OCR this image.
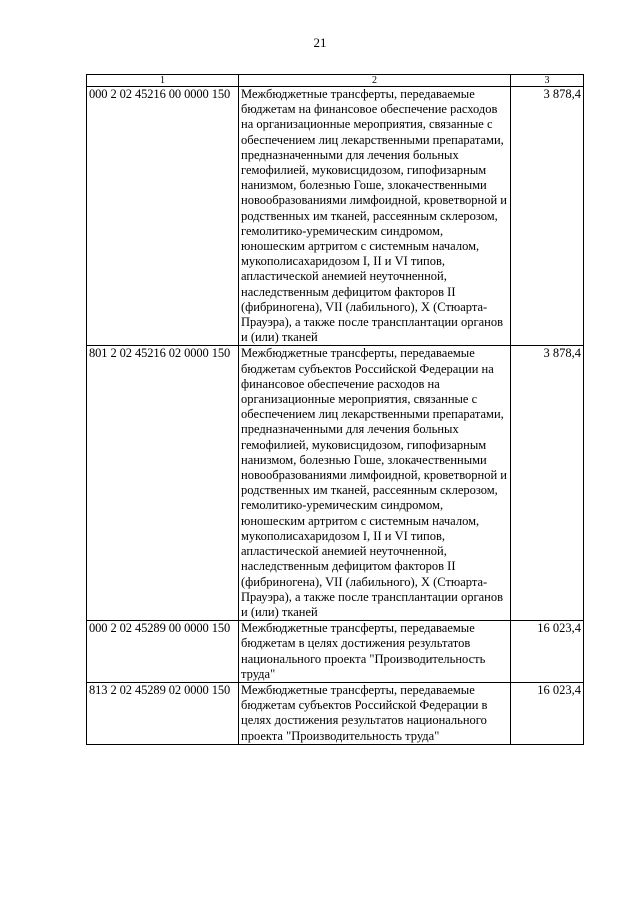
21
1	2	3
000 2 02 45216 00 0000 150	Межбюджетные трансферты, передаваемые бюджетам на финансовое обеспечение расходов на организационные мероприятия, связанные с обеспечением лиц лекарственными препаратами, предназначенными для лечения больных гемофилией, муковисцидозом, гипофизарным нанизмом, болезнью Гоше, злокачественными новообразованиями лимфоидной, кроветворной и родственных им тканей, рассеянным склерозом, гемолитико-уремическим синдромом, юношеским артритом с системным началом, мукополисахаридозом I, II и VI типов, апластической анемией неуточненной, наследственным дефицитом факторов II (фибриногена), VII (лабильного), X (Стюарта-Прауэра), а также после трансплантации органов и (или) тканей	3 878,4
801 2 02 45216 02 0000 150	Межбюджетные трансферты, передаваемые бюджетам субъектов Российской Федерации на финансовое обеспечение расходов на организационные мероприятия, связанные с обеспечением лиц лекарственными препаратами, предназначенными для лечения больных гемофилией, муковисцидозом, гипофизарным нанизмом, болезнью Гоше, злокачественными новообразованиями лимфоидной, кроветворной и родственных им тканей, рассеянным склерозом, гемолитико-уремическим синдромом, юношеским артритом с системным началом, мукополисахаридозом I, II и VI типов, апластической анемией неуточненной, наследственным дефицитом факторов II (фибриногена), VII (лабильного), X (Стюарта-Прауэра), а также после трансплантации органов и (или) тканей	3 878,4
000 2 02 45289 00 0000 150	Межбюджетные трансферты, передаваемые бюджетам в целях достижения результатов национального проекта "Производительность труда"	16 023,4
813 2 02 45289 02 0000 150	Межбюджетные трансферты, передаваемые бюджетам субъектов Российской Федерации в целях достижения результатов национального проекта "Производительность труда"	16 023,4
